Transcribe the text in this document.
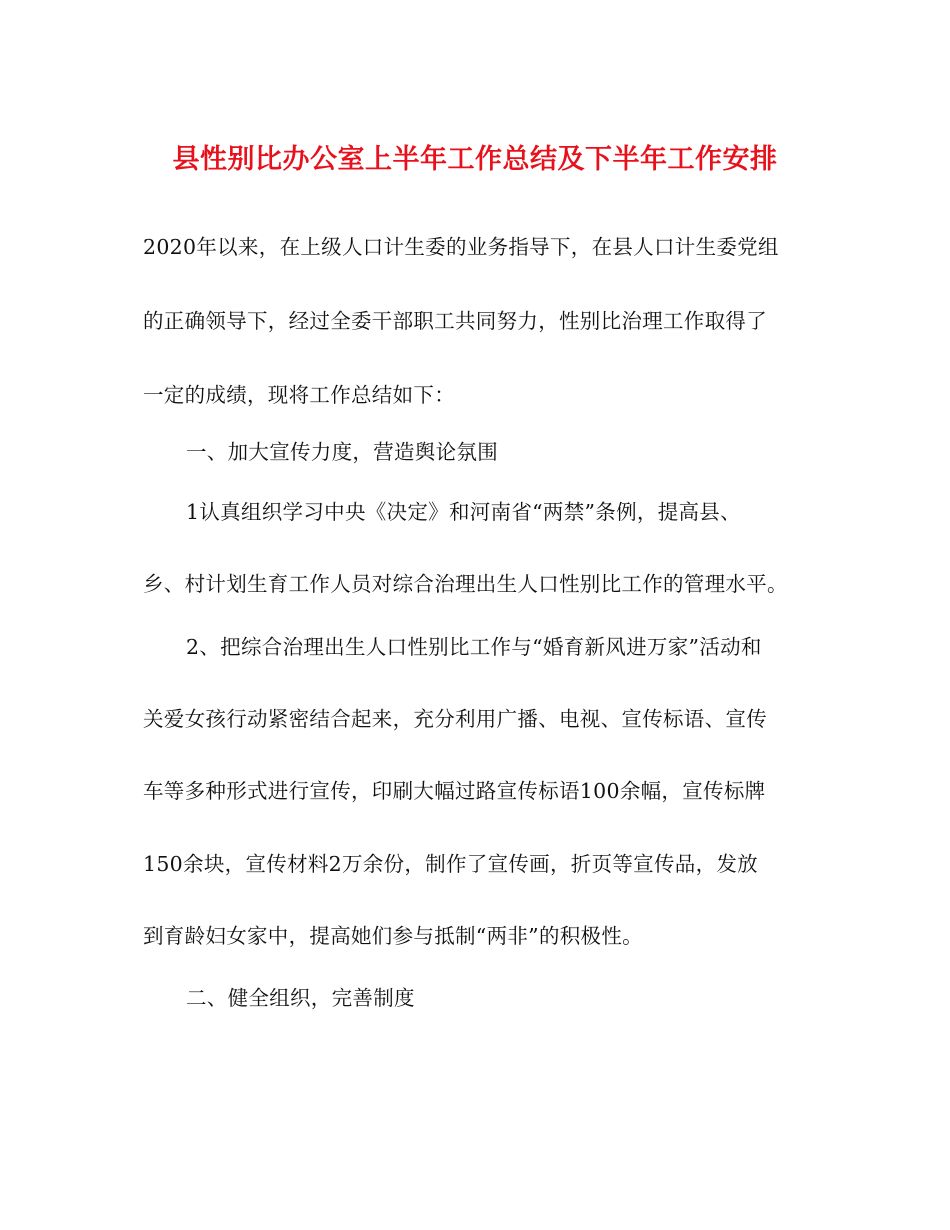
县性别比办公室上半年工作总结及下半年工作安排
2020年以来，在上级人口计生委的业务指导下，在县人口计生委党组
的正确领导下，经过全委干部职工共同努力，性别比治理工作取得了
一定的成绩，现将工作总结如下：
一、加大宣传力度，营造舆论氛围
1认真组织学习中央《决定》和河南省“两禁”条例，提高县、
乡、村计划生育工作人员对综合治理出生人口性别比工作的管理水平。
2、把综合治理出生人口性别比工作与“婚育新风进万家”活动和
关爱女孩行动紧密结合起来，充分利用广播、电视、宣传标语、宣传
车等多种形式进行宣传，印刷大幅过路宣传标语100余幅，宣传标牌
150余块，宣传材料2万余份，制作了宣传画，折页等宣传品，发放
到育龄妇女家中，提高她们参与抵制“两非”的积极性。
二、健全组织，完善制度
